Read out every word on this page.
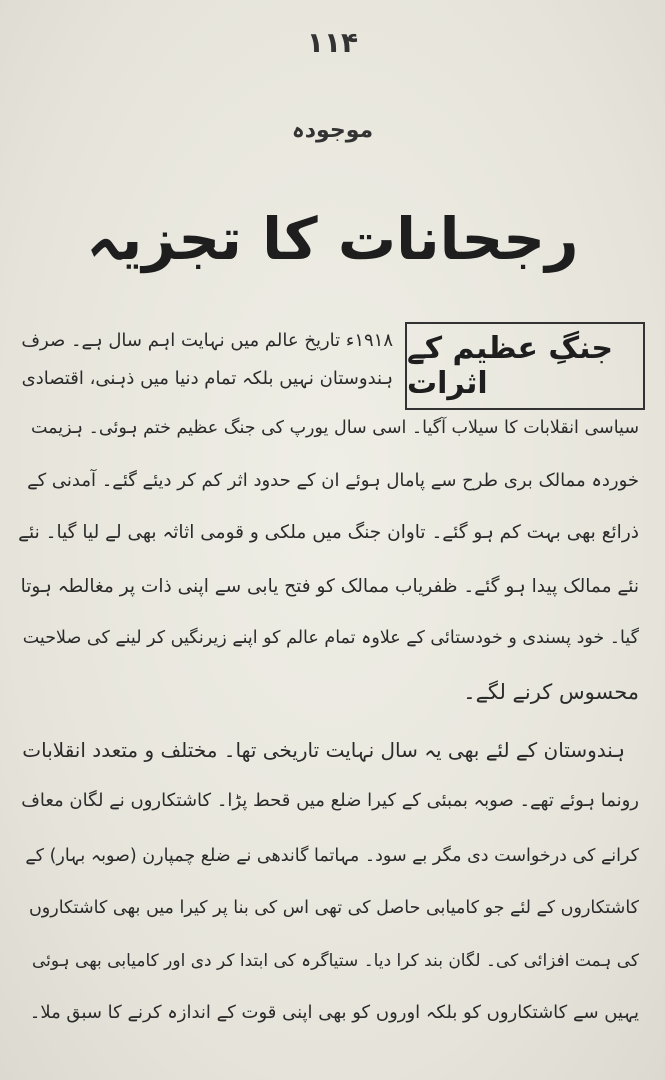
۱۱۴
موجودہ
رجحانات کا تجزیہ
جنگِ عظیم کے اثرات
۱۹۱۸ء تاریخ عالم میں نہایت اہم سال ہے۔ صرف
ہندوستان نہیں بلکہ تمام دنیا میں ذہنی، اقتصادی
سیاسی انقلابات کا سیلاب آگیا۔ اسی سال یورپ کی جنگ عظیم ختم ہوئی۔ ہزیمت
خوردہ ممالک بری طرح سے پامال ہوئے ان کے حدود اثر کم کر دیئے گئے۔ آمدنی کے
ذرائع بھی بہت کم ہو گئے۔ تاوان جنگ میں ملکی و قومی اثاثہ بھی لے لیا گیا۔ نئے
نئے ممالک پیدا ہو گئے۔ ظفریاب ممالک کو فتح یابی سے اپنی ذات پر مغالطہ ہوتا
گیا۔ خود پسندی و خودستائی کے علاوہ تمام عالم کو اپنے زیرنگیں کر لینے کی صلاحیت
محسوس کرنے لگے۔
ہندوستان کے لئے بھی یہ سال نہایت تاریخی تھا۔ مختلف و متعدد انقلابات
رونما ہوئے تھے۔ صوبہ بمبئی کے کیرا ضلع میں قحط پڑا۔ کاشتکاروں نے لگان معاف
کرانے کی درخواست دی مگر بے سود۔ مہاتما گاندھی نے ضلع چمپارن (صوبہ بہار) کے
کاشتکاروں کے لئے جو کامیابی حاصل کی تھی اس کی بنا پر کیرا میں بھی کاشتکاروں
کی ہمت افزائی کی۔ لگان بند کرا دیا۔ ستیاگرہ کی ابتدا کر دی اور کامیابی بھی ہوئی
یہیں سے کاشتکاروں کو بلکہ اوروں کو بھی اپنی قوت کے اندازہ کرنے کا سبق ملا۔
